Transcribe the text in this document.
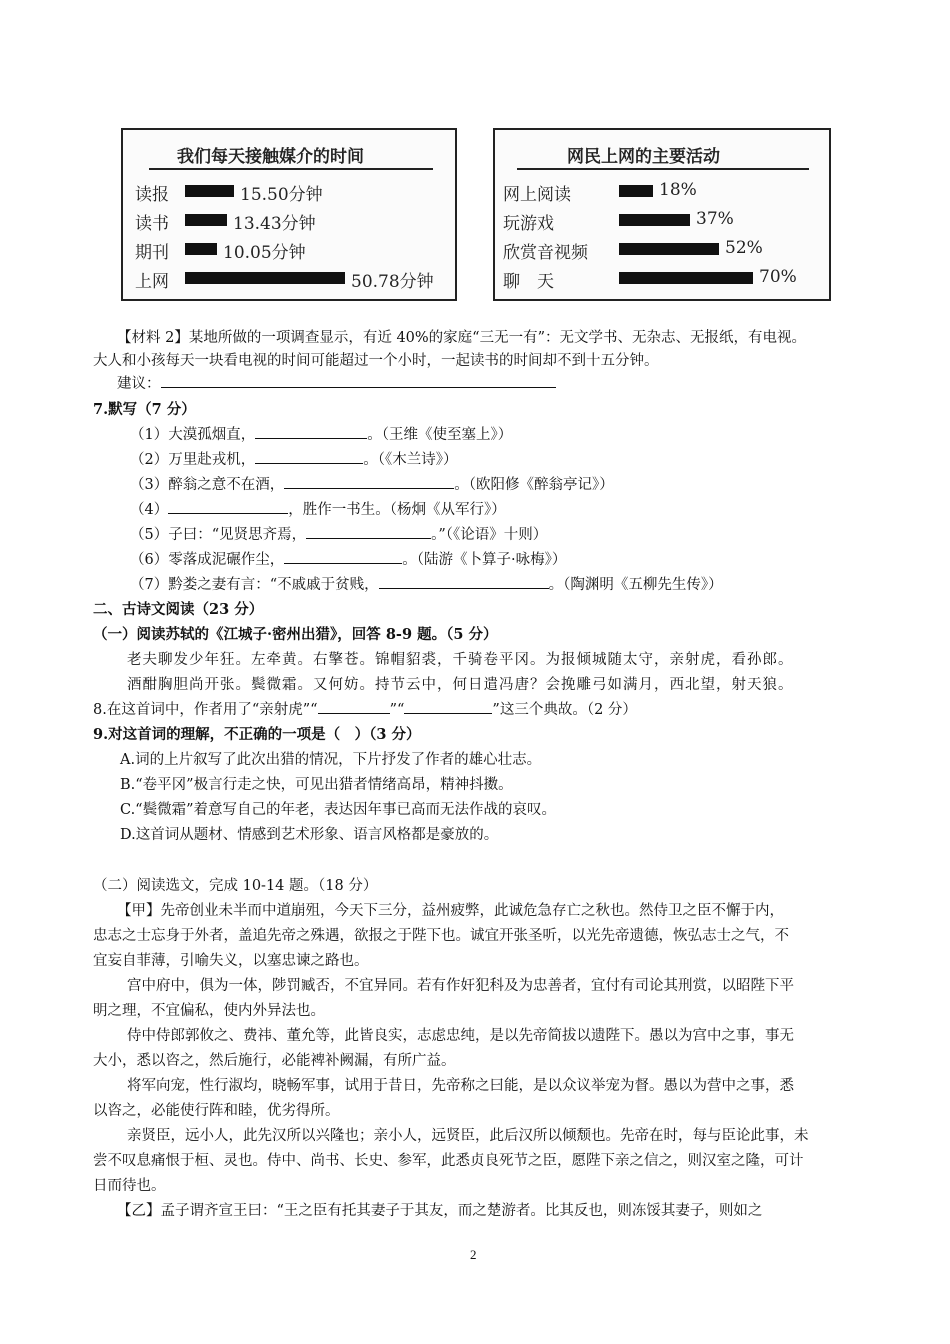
我们每天接触媒介的时间
读报	15.50分钟
读书	13.43分钟
期刊	10.05分钟
上网	50.78分钟
网民上网的主要活动
网上阅读	18%
玩游戏	37%
欣赏音视频	52%
聊　天	70%
【材料 2】某地所做的一项调查显示，有近 40%的家庭“三无一有”：无文学书、无杂志、无报纸，有电视。
大人和小孩每天一块看电视的时间可能超过一个小时，一起读书的时间却不到十五分钟。
建议：
7.默写（7 分）
（1）大漠孤烟直，	。（王维《使至塞上》）
（2）万里赴戎机，	。（《木兰诗》）
（3）醉翁之意不在酒，	。（欧阳修《醉翁亭记》）
（4）	，胜作一书生。（杨炯《从军行》）
（5）子曰：“见贤思齐焉，	。”（《论语》十则）
（6）零落成泥碾作尘，	。（陆游《卜算子·咏梅》）
（7）黔娄之妻有言：“不戚戚于贫贱，	。（陶渊明《五柳先生传》）
二、古诗文阅读（23 分）
（一）阅读苏轼的《江城子·密州出猎》，回答 8-9 题。（5 分）
老夫聊发少年狂。左牵黄。右擎苍。锦帽貂裘，千骑卷平冈。为报倾城随太守，亲射虎，看孙郎。
酒酣胸胆尚开张。鬓微霜。又何妨。持节云中，何日遣冯唐？会挽雕弓如满月，西北望，射天狼。
8.在这首词中，作者用了“亲射虎”“	”“	”这三个典故。（2 分）
9.对这首词的理解，不正确的一项是（　）（3 分）
A.词的上片叙写了此次出猎的情况，下片抒发了作者的雄心壮志。
B.“卷平冈”极言行走之快，可见出猎者情绪高昂，精神抖擞。
C.“鬓微霜”着意写自己的年老，表达因年事已高而无法作战的哀叹。
D.这首词从题材、情感到艺术形象、语言风格都是豪放的。
（二）阅读选文，完成 10-14 题。（18 分）
【甲】先帝创业未半而中道崩殂，今天下三分，益州疲弊，此诚危急存亡之秋也。然侍卫之臣不懈于内，
忠志之士忘身于外者，盖追先帝之殊遇，欲报之于陛下也。诚宜开张圣听，以光先帝遗德，恢弘志士之气，不
宜妄自菲薄，引喻失义，以塞忠谏之路也。
宫中府中，俱为一体，陟罚臧否，不宜异同。若有作奸犯科及为忠善者，宜付有司论其刑赏，以昭陛下平
明之理，不宜偏私，使内外异法也。
侍中侍郎郭攸之、费祎、董允等，此皆良实，志虑忠纯，是以先帝简拔以遗陛下。愚以为宫中之事，事无
大小，悉以咨之，然后施行，必能裨补阙漏，有所广益。
将军向宠，性行淑均，晓畅军事，试用于昔日，先帝称之曰能，是以众议举宠为督。愚以为营中之事，悉
以咨之，必能使行阵和睦，优劣得所。
亲贤臣，远小人，此先汉所以兴隆也；亲小人，远贤臣，此后汉所以倾颓也。先帝在时，每与臣论此事，未
尝不叹息痛恨于桓、灵也。侍中、尚书、长史、参军，此悉贞良死节之臣，愿陛下亲之信之，则汉室之隆，可计
日而待也。
【乙】孟子谓齐宣王曰：“王之臣有托其妻子于其友，而之楚游者。比其反也，则冻馁其妻子，则如之
2
